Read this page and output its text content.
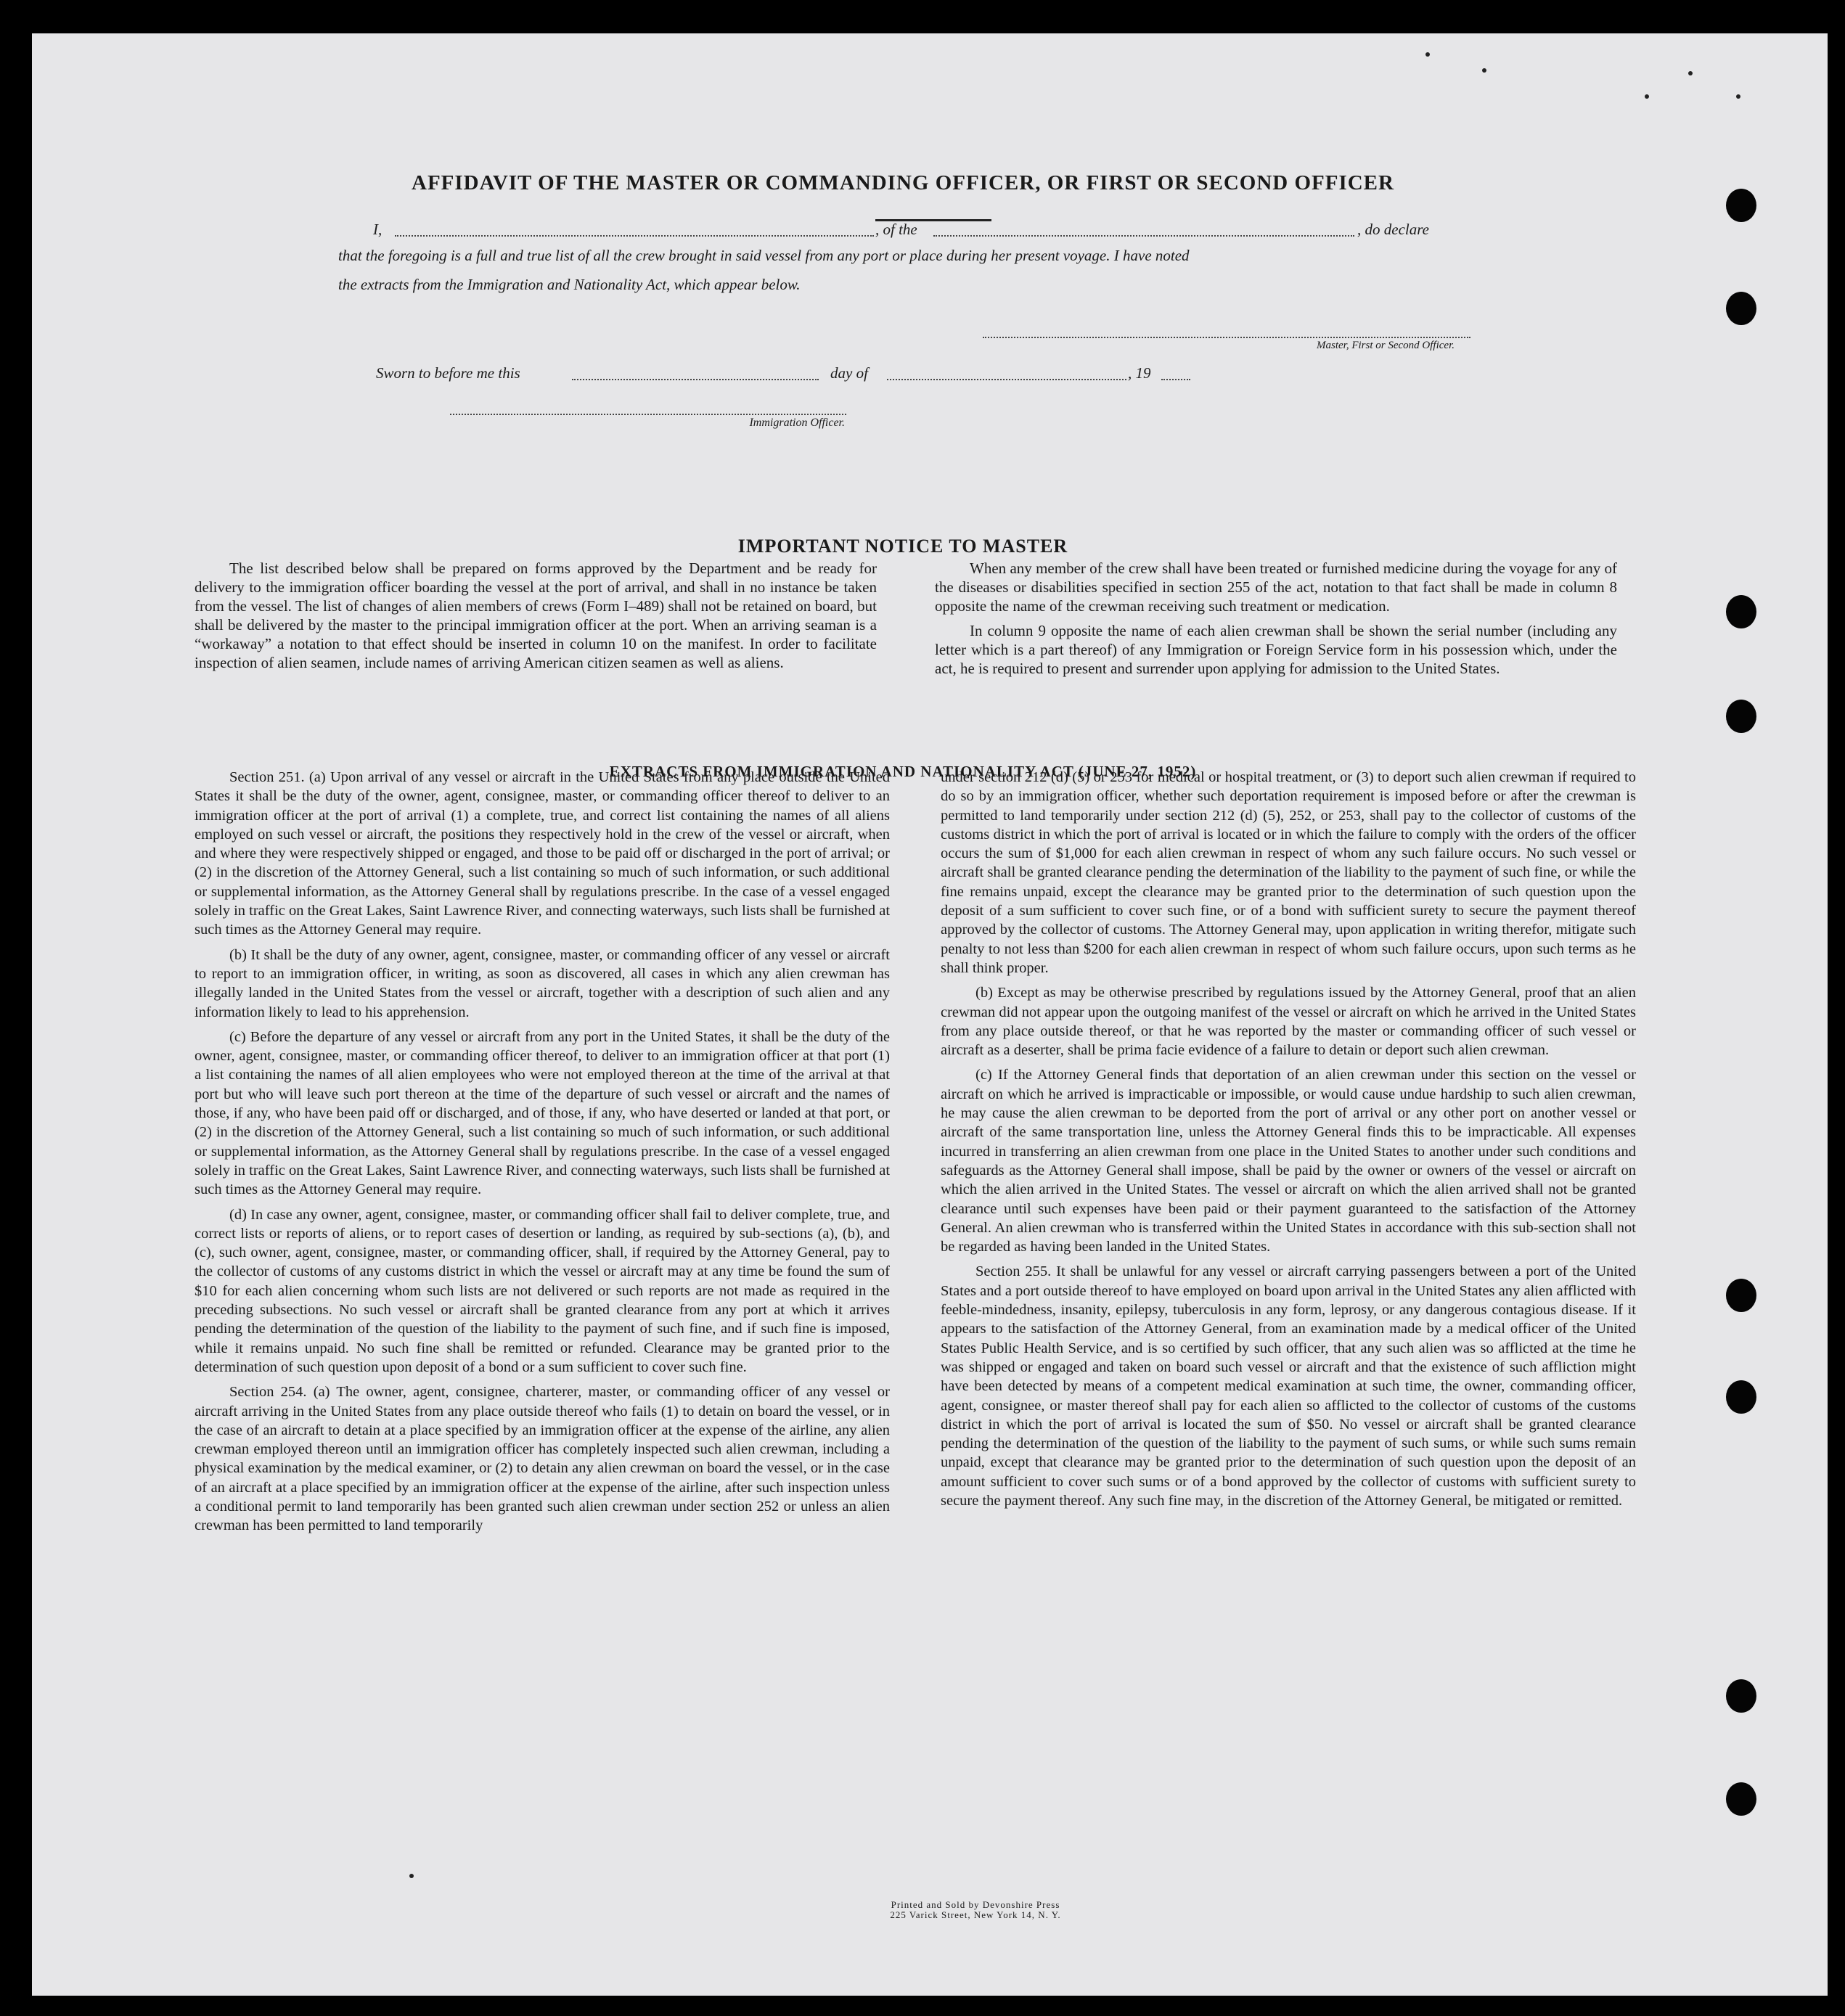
AFFIDAVIT OF THE MASTER OR COMMANDING OFFICER, OR FIRST OR SECOND OFFICER
I,	, of the	, do declare
that the foregoing is a full and true list of all the crew brought in said vessel from any port or place during her present voyage. I have noted
the extracts from the Immigration and Nationality Act, which appear below.
Master, First or Second Officer.
Sworn to before me this	day of	, 19
Immigration Officer.
IMPORTANT NOTICE TO MASTER

The list described below shall be prepared on forms approved by the Department and be ready for delivery to the immigration officer boarding the vessel at the port of arrival, and shall in no instance be taken from the vessel. The list of changes of alien members of crews (Form I–489) shall not be retained on board, but shall be delivered by the master to the principal immigration officer at the port. When an arriving seaman is a “workaway” a notation to that effect should be inserted in column 10 on the manifest. In order to facilitate inspection of alien seamen, include names of arriving American citizen seamen as well as aliens.

When any member of the crew shall have been treated or furnished medicine during the voyage for any of the diseases or disabilities specified in section 255 of the act, notation to that fact shall be made in column 8 opposite the name of the crewman receiving such treatment or medication.

In column 9 opposite the name of each alien crewman shall be shown the serial number (including any letter which is a part thereof) of any Immigration or Foreign Service form in his possession which, under the act, he is required to present and surrender upon applying for admission to the United States.

EXTRACTS FROM IMMIGRATION AND NATIONALITY ACT (JUNE 27, 1952)

Section 251. (a) Upon arrival of any vessel or aircraft in the United States from any place outside the United States it shall be the duty of the owner, agent, consignee, master, or commanding officer thereof to deliver to an immigration officer at the port of arrival (1) a complete, true, and correct list containing the names of all aliens employed on such vessel or aircraft, the positions they respectively hold in the crew of the vessel or aircraft, when and where they were respectively shipped or engaged, and those to be paid off or discharged in the port of arrival; or (2) in the discretion of the Attorney General, such a list containing so much of such information, or such additional or supplemental information, as the Attorney General shall by regulations prescribe. In the case of a vessel engaged solely in traffic on the Great Lakes, Saint Lawrence River, and connecting waterways, such lists shall be furnished at such times as the Attorney General may require.

(b) It shall be the duty of any owner, agent, consignee, master, or commanding officer of any vessel or aircraft to report to an immigration officer, in writing, as soon as discovered, all cases in which any alien crewman has illegally landed in the United States from the vessel or aircraft, together with a description of such alien and any information likely to lead to his apprehension.

(c) Before the departure of any vessel or aircraft from any port in the United States, it shall be the duty of the owner, agent, consignee, master, or commanding officer thereof, to deliver to an immigration officer at that port (1) a list containing the names of all alien employees who were not employed thereon at the time of the arrival at that port but who will leave such port thereon at the time of the departure of such vessel or aircraft and the names of those, if any, who have been paid off or discharged, and of those, if any, who have deserted or landed at that port, or (2) in the discretion of the Attorney General, such a list containing so much of such information, or such additional or supplemental information, as the Attorney General shall by regulations prescribe. In the case of a vessel engaged solely in traffic on the Great Lakes, Saint Lawrence River, and connecting waterways, such lists shall be furnished at such times as the Attorney General may require.

(d) In case any owner, agent, consignee, master, or commanding officer shall fail to deliver complete, true, and correct lists or reports of aliens, or to report cases of desertion or landing, as required by sub-sections (a), (b), and (c), such owner, agent, consignee, master, or commanding officer, shall, if required by the Attorney General, pay to the collector of customs of any customs district in which the vessel or aircraft may at any time be found the sum of $10 for each alien concerning whom such lists are not delivered or such reports are not made as required in the preceding subsections. No such vessel or aircraft shall be granted clearance from any port at which it arrives pending the determination of the question of the liability to the payment of such fine, and if such fine is imposed, while it remains unpaid. No such fine shall be remitted or refunded. Clearance may be granted prior to the determination of such question upon deposit of a bond or a sum sufficient to cover such fine.

Section 254. (a) The owner, agent, consignee, charterer, master, or commanding officer of any vessel or aircraft arriving in the United States from any place outside thereof who fails (1) to detain on board the vessel, or in the case of an aircraft to detain at a place specified by an immigration officer at the expense of the airline, any alien crewman employed thereon until an immigration officer has completely inspected such alien crewman, including a physical examination by the medical examiner, or (2) to detain any alien crewman on board the vessel, or in the case of an aircraft at a place specified by an immigration officer at the expense of the airline, after such inspection unless a conditional permit to land temporarily has been granted such alien crewman under section 252 or unless an alien crewman has been permitted to land temporarily

under section 212 (d) (5) or 253 for medical or hospital treatment, or (3) to deport such alien crewman if required to do so by an immigration officer, whether such deportation requirement is imposed before or after the crewman is permitted to land temporarily under section 212 (d) (5), 252, or 253, shall pay to the collector of customs of the customs district in which the port of arrival is located or in which the failure to comply with the orders of the officer occurs the sum of $1,000 for each alien crewman in respect of whom any such failure occurs. No such vessel or aircraft shall be granted clearance pending the determination of the liability to the payment of such fine, or while the fine remains unpaid, except the clearance may be granted prior to the determination of such question upon the deposit of a sum sufficient to cover such fine, or of a bond with sufficient surety to secure the payment thereof approved by the collector of customs. The Attorney General may, upon application in writing therefor, mitigate such penalty to not less than $200 for each alien crewman in respect of whom such failure occurs, upon such terms as he shall think proper.

(b) Except as may be otherwise prescribed by regulations issued by the Attorney General, proof that an alien crewman did not appear upon the outgoing manifest of the vessel or aircraft on which he arrived in the United States from any place outside thereof, or that he was reported by the master or commanding officer of such vessel or aircraft as a deserter, shall be prima facie evidence of a failure to detain or deport such alien crewman.

(c) If the Attorney General finds that deportation of an alien crewman under this section on the vessel or aircraft on which he arrived is impracticable or impossible, or would cause undue hardship to such alien crewman, he may cause the alien crewman to be deported from the port of arrival or any other port on another vessel or aircraft of the same transportation line, unless the Attorney General finds this to be impracticable. All expenses incurred in transferring an alien crewman from one place in the United States to another under such conditions and safeguards as the Attorney General shall impose, shall be paid by the owner or owners of the vessel or aircraft on which the alien arrived in the United States. The vessel or aircraft on which the alien arrived shall not be granted clearance until such expenses have been paid or their payment guaranteed to the satisfaction of the Attorney General. An alien crewman who is transferred within the United States in accordance with this sub-section shall not be regarded as having been landed in the United States.

Section 255. It shall be unlawful for any vessel or aircraft carrying passengers between a port of the United States and a port outside thereof to have employed on board upon arrival in the United States any alien afflicted with feeble-mindedness, insanity, epilepsy, tuberculosis in any form, leprosy, or any dangerous contagious disease. If it appears to the satisfaction of the Attorney General, from an examination made by a medical officer of the United States Public Health Service, and is so certified by such officer, that any such alien was so afflicted at the time he was shipped or engaged and taken on board such vessel or aircraft and that the existence of such affliction might have been detected by means of a competent medical examination at such time, the owner, commanding officer, agent, consignee, or master thereof shall pay for each alien so afflicted to the collector of customs of the customs district in which the port of arrival is located the sum of $50. No vessel or aircraft shall be granted clearance pending the determination of the question of the liability to the payment of such sums, or while such sums remain unpaid, except that clearance may be granted prior to the determination of such question upon the deposit of an amount sufficient to cover such sums or of a bond approved by the collector of customs with sufficient surety to secure the payment thereof. Any such fine may, in the discretion of the Attorney General, be mitigated or remitted.

Printed and Sold by Devonshire Press
225 Varick Street, New York 14, N. Y.
